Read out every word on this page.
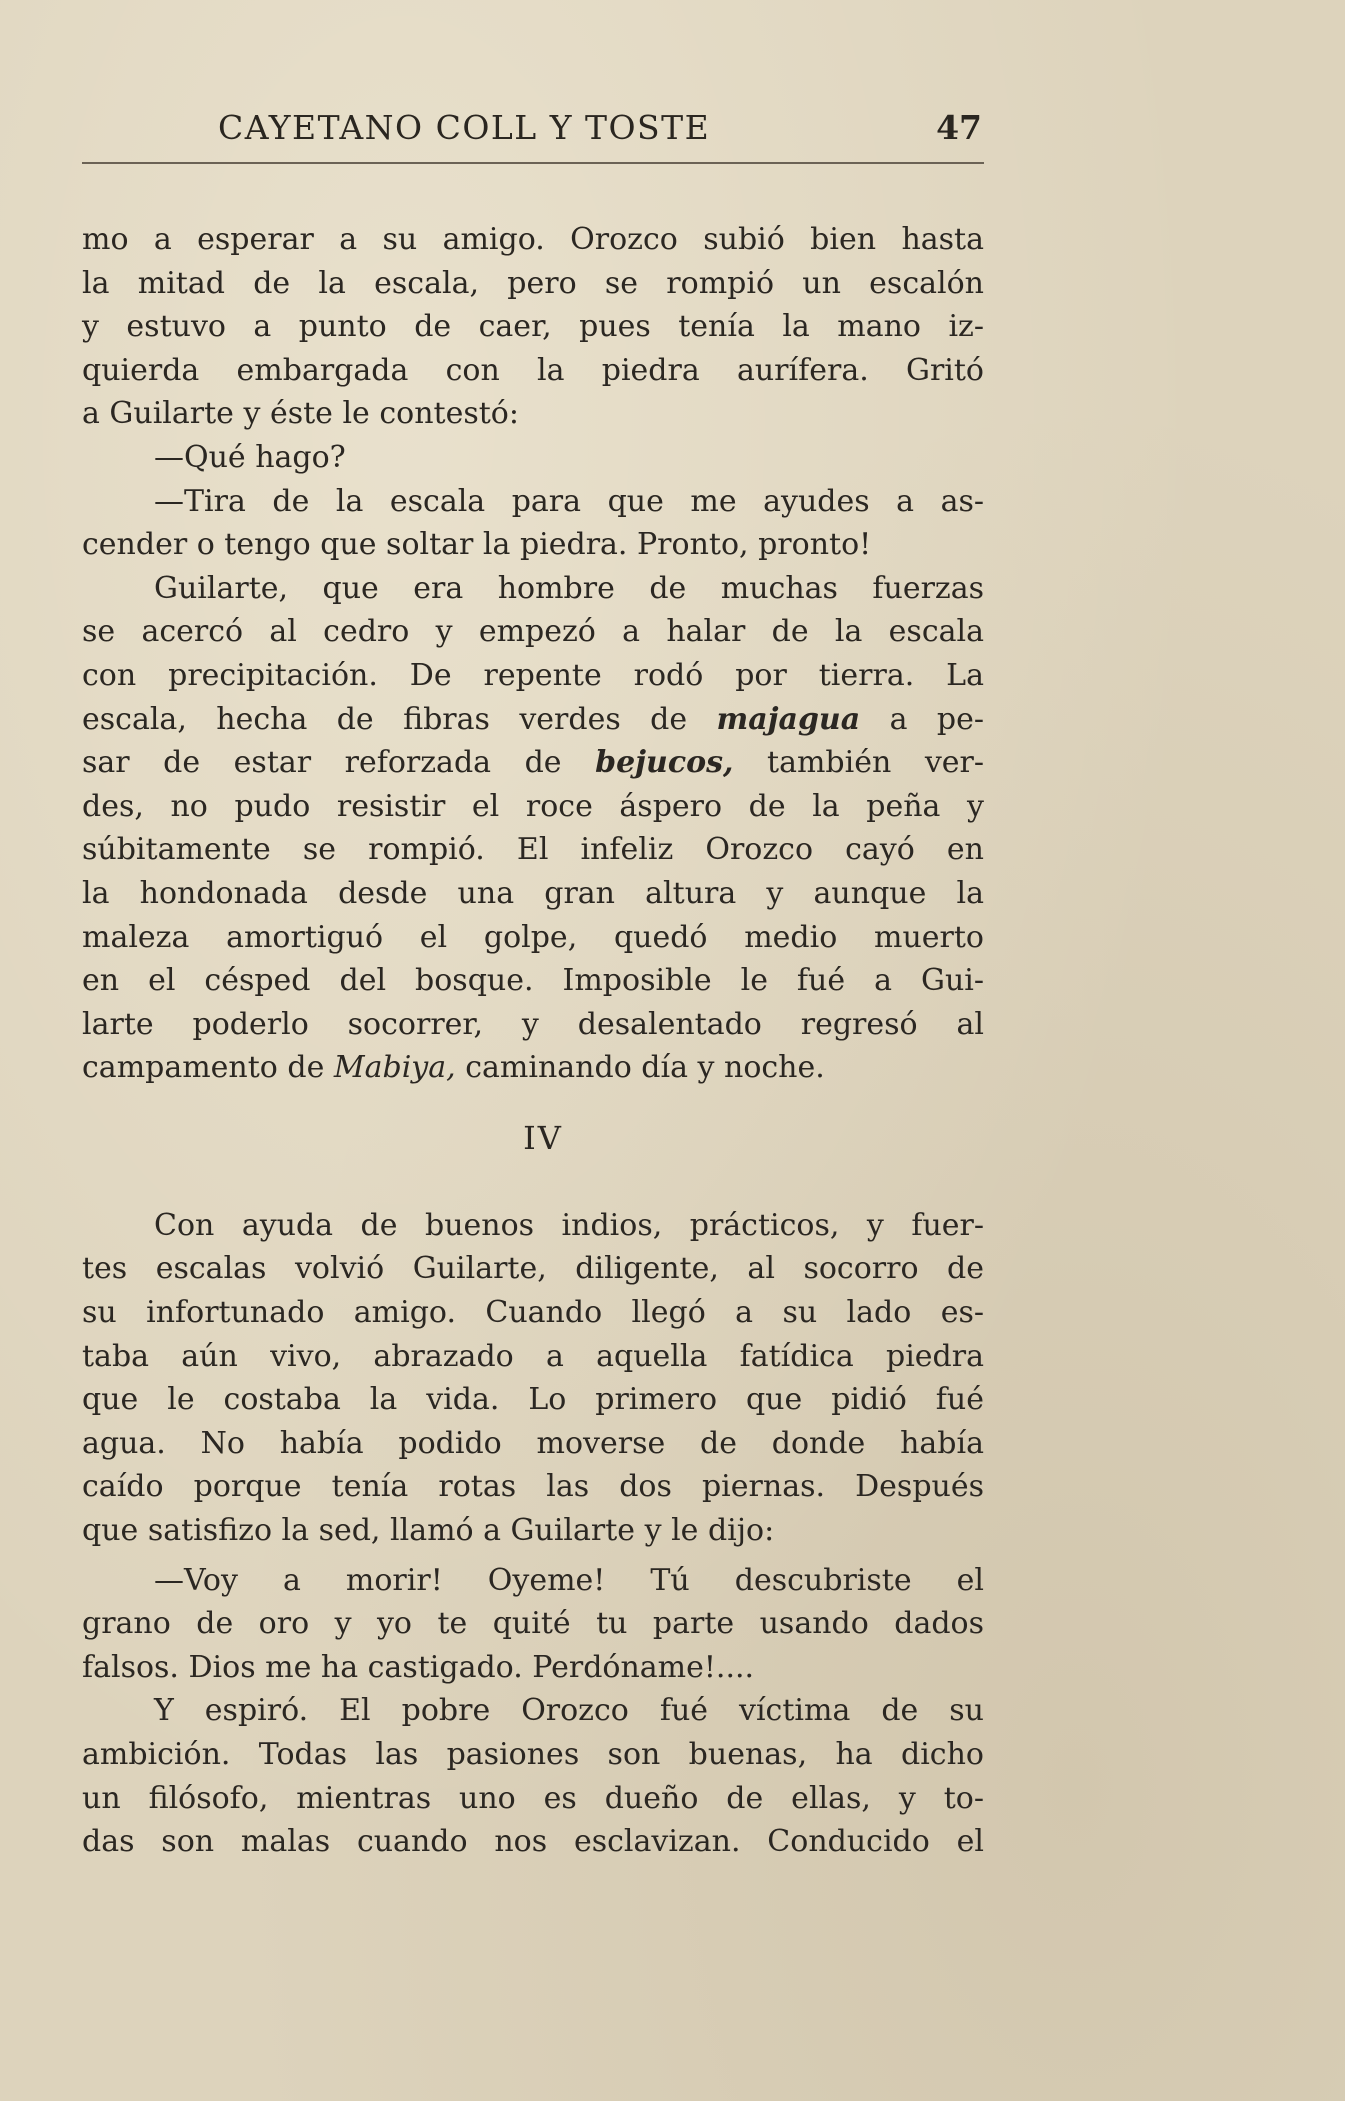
CAYETANO COLL Y TOSTE	47

mo a esperar a su amigo. Orozco subió bien hasta

la mitad de la escala, pero se rompió un escalón

y estuvo a punto de caer, pues tenía la mano iz-

quierda embargada con la piedra aurífera. Gritó

a Guilarte y éste le contestó:

—Qué hago?

—Tira de la escala para que me ayudes a as-

cender o tengo que soltar la piedra. Pronto, pronto!

Guilarte, que era hombre de muchas fuerzas

se acercó al cedro y empezó a halar de la escala

con precipitación. De repente rodó por tierra. La

escala, hecha de fibras verdes de majagua a pe-

sar de estar reforzada de bejucos, también ver-

des, no pudo resistir el roce áspero de la peña y

súbitamente se rompió. El infeliz Orozco cayó en

la hondonada desde una gran altura y aunque la

maleza amortiguó el golpe, quedó medio muerto

en el césped del bosque. Imposible le fué a Gui-

larte poderlo socorrer, y desalentado regresó al

campamento de Mabiya, caminando día y noche.

IV

Con ayuda de buenos indios, prácticos, y fuer-

tes escalas volvió Guilarte, diligente, al socorro de

su infortunado amigo. Cuando llegó a su lado es-

taba aún vivo, abrazado a aquella fatídica piedra

que le costaba la vida. Lo primero que pidió fué

agua. No había podido moverse de donde había

caído porque tenía rotas las dos piernas. Después

que satisfizo la sed, llamó a Guilarte y le dijo:

—Voy a morir! Oyeme! Tú descubriste el

grano de oro y yo te quité tu parte usando dados

falsos. Dios me ha castigado. Perdóname!....

Y espiró. El pobre Orozco fué víctima de su

ambición. Todas las pasiones son buenas, ha dicho

un filósofo, mientras uno es dueño de ellas, y to-

das son malas cuando nos esclavizan. Conducido el
